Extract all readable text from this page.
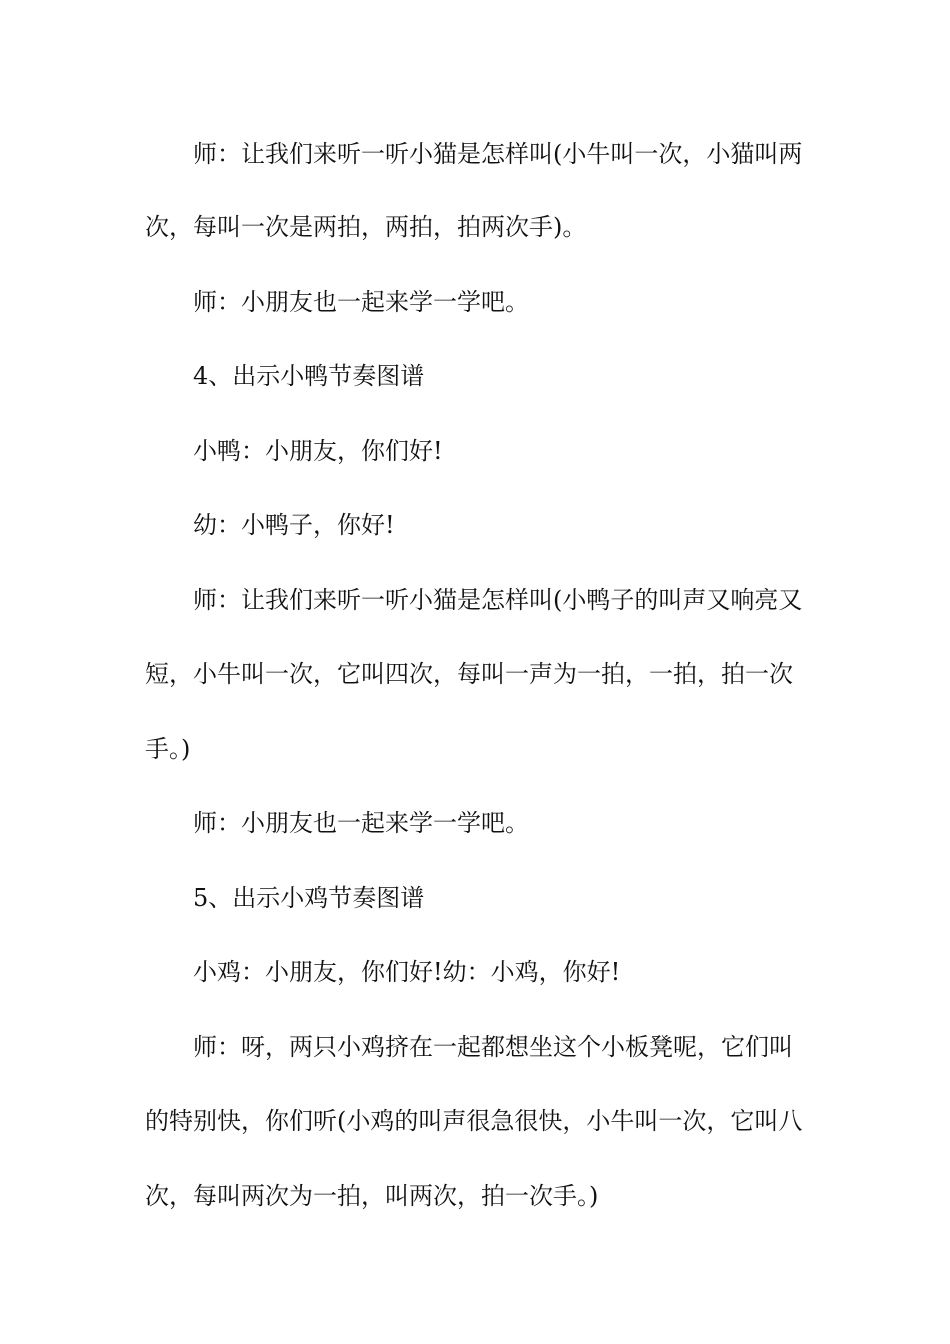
师：让我们来听一听小猫是怎样叫(小牛叫一次，小猫叫两
次，每叫一次是两拍，两拍，拍两次手)。
师：小朋友也一起来学一学吧。
4、出示小鸭节奏图谱
小鸭：小朋友，你们好!
幼：小鸭子，你好!
师：让我们来听一听小猫是怎样叫(小鸭子的叫声又响亮又
短，小牛叫一次，它叫四次，每叫一声为一拍，一拍，拍一次
手。)
师：小朋友也一起来学一学吧。
5、出示小鸡节奏图谱
小鸡：小朋友，你们好!幼：小鸡，你好!
师：呀，两只小鸡挤在一起都想坐这个小板凳呢，它们叫
的特别快，你们听(小鸡的叫声很急很快，小牛叫一次，它叫八
次，每叫两次为一拍，叫两次，拍一次手。)
